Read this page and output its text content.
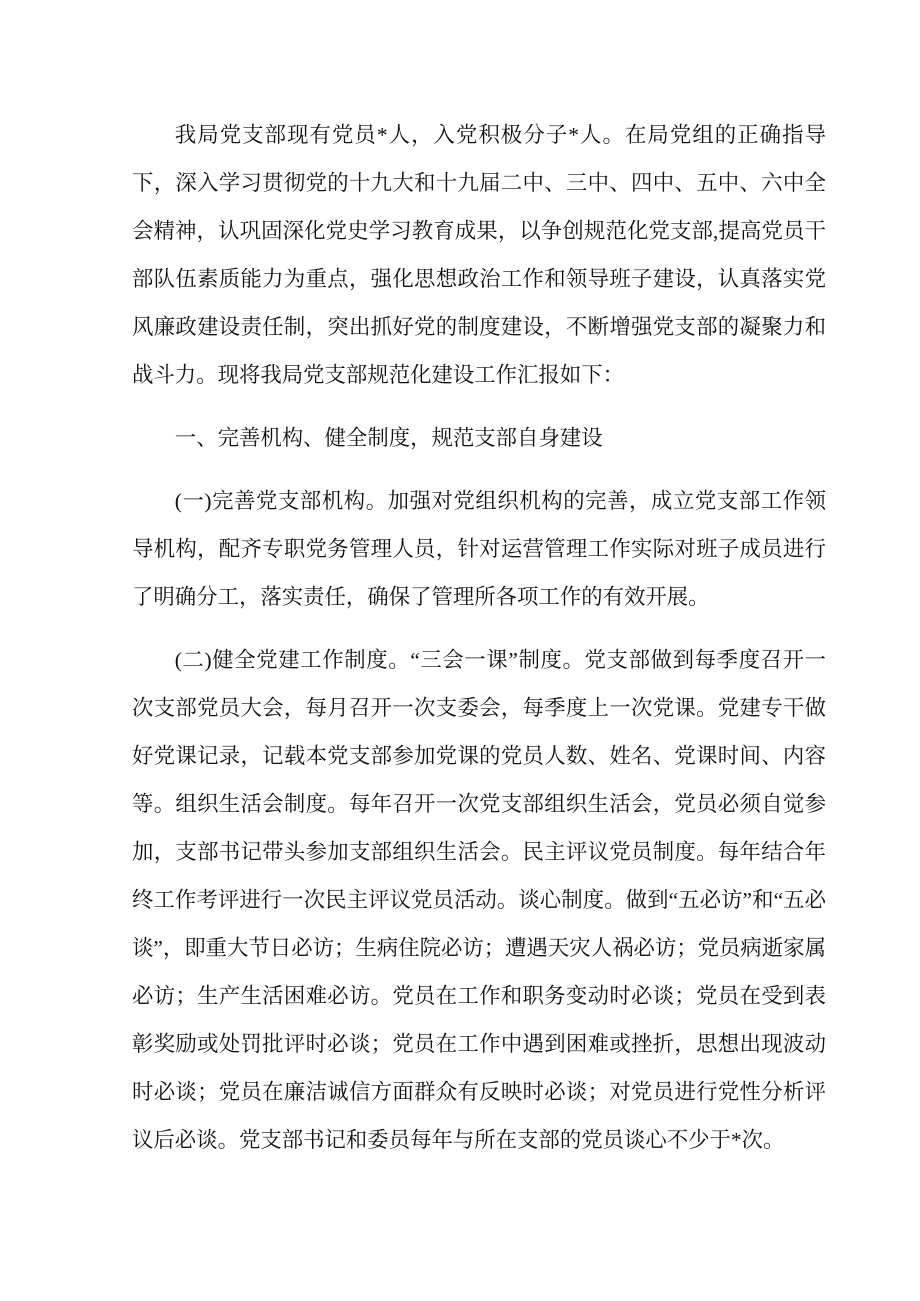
我局党支部现有党员*人，入党积极分子*人。在局党组的正确指导下，深入学习贯彻党的十九大和十九届二中、三中、四中、五中、六中全会精神，认巩固深化党史学习教育成果，以争创规范化党支部,提高党员干部队伍素质能力为重点，强化思想政治工作和领导班子建设，认真落实党风廉政建设责任制，突出抓好党的制度建设，不断增强党支部的凝聚力和战斗力。现将我局党支部规范化建设工作汇报如下：

一、完善机构、健全制度，规范支部自身建设

(一)完善党支部机构。加强对党组织机构的完善，成立党支部工作领导机构，配齐专职党务管理人员，针对运营管理工作实际对班子成员进行了明确分工，落实责任，确保了管理所各项工作的有效开展。

(二)健全党建工作制度。“三会一课”制度。党支部做到每季度召开一次支部党员大会，每月召开一次支委会，每季度上一次党课。党建专干做好党课记录，记载本党支部参加党课的党员人数、姓名、党课时间、内容等。组织生活会制度。每年召开一次党支部组织生活会，党员必须自觉参加，支部书记带头参加支部组织生活会。民主评议党员制度。每年结合年终工作考评进行一次民主评议党员活动。谈心制度。做到“五必访”和“五必谈”，即重大节日必访；生病住院必访；遭遇天灾人祸必访；党员病逝家属必访；生产生活困难必访。党员在工作和职务变动时必谈；党员在受到表彰奖励或处罚批评时必谈；党员在工作中遇到困难或挫折，思想出现波动时必谈；党员在廉洁诚信方面群众有反映时必谈；对党员进行党性分析评议后必谈。党支部书记和委员每年与所在支部的党员谈心不少于*次。
